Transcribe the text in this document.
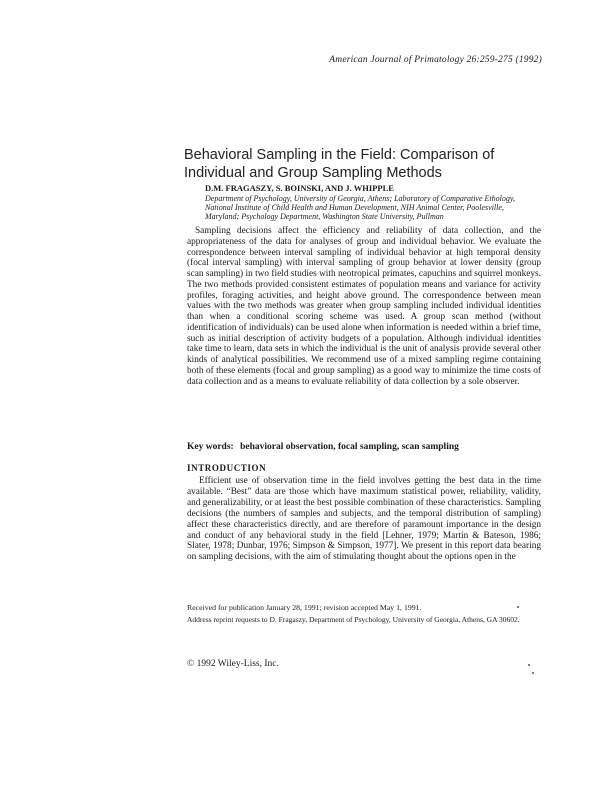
American Journal of Primatology 26:259-275 (1992)
Behavioral Sampling in the Field: Comparison of Individual and Group Sampling Methods
D.M. FRAGASZY, S. BOINSKI, AND J. WHIPPLE
Department of Psychology, University of Georgia, Athens; Laboratory of Comparative Ethology, National Institute of Child Health and Human Development, NIH Animal Center, Poolesville, Maryland; Psychology Department, Washington State University, Pullman
Sampling decisions affect the efficiency and reliability of data collection, and the appropriateness of the data for analyses of group and individual behavior. We evaluate the correspondence between interval sampling of individual behavior at high temporal density (focal interval sampling) with interval sampling of group behavior at lower density (group scan sampling) in two field studies with neotropical primates, capuchins and squirrel monkeys. The two methods provided consistent estimates of population means and variance for activity profiles, foraging activities, and height above ground. The correspondence between mean values with the two methods was greater when group sampling included individual identities than when a conditional scoring scheme was used. A group scan method (without identification of individuals) can be used alone when information is needed within a brief time, such as initial description of activity budgets of a population. Although individual identities take time to learn, data sets in which the individual is the unit of analysis provide several other kinds of analytical possibilities. We recommend use of a mixed sampling regime containing both of these elements (focal and group sampling) as a good way to minimize the time costs of data collection and as a means to evaluate reliability of data collection by a sole observer.
Key words: behavioral observation, focal sampling, scan sampling
INTRODUCTION
Efficient use of observation time in the field involves getting the best data in the time available. “Best” data are those which have maximum statistical power, reliability, validity, and generalizability, or at least the best possible combination of these characteristics. Sampling decisions (the numbers of samples and subjects, and the temporal distribution of sampling) affect these characteristics directly, and are therefore of paramount importance in the design and conduct of any behavioral study in the field [Lehner, 1979; Martin & Bateson, 1986; Slater, 1978; Dunbar, 1976; Simpson & Simpson, 1977]. We present in this report data bearing on sampling decisions, with the aim of stimulating thought about the options open in the
Received for publication January 28, 1991; revision accepted May 1, 1991.
Address reprint requests to D. Fragaszy, Department of Psychology, University of Georgia, Athens, GA 30602.
© 1992 Wiley-Liss, Inc.
